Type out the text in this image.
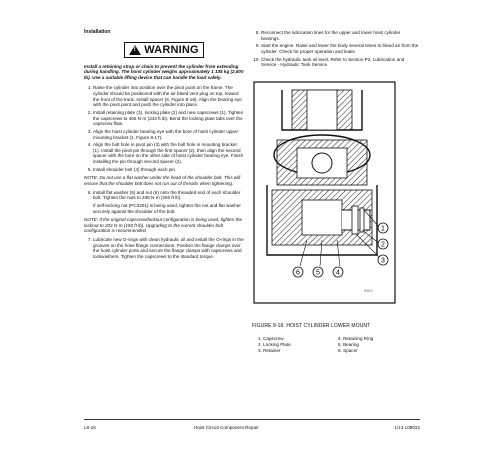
Installation
! WARNING
Install a retaining strap or chain to prevent the cylinder from extending during handling. The hoist cylinder weighs approximately 1 135 kg (2,500 lb). Use a suitable lifting device that can handle the load safely.
1. Raise the cylinder into position over the pivot point on the frame. The cylinder should be positioned with the air bleed vent plug on top, toward the front of the truck. Install spacer (6, Figure 8-18). Align the bearing eye with the pivot point and push the cylinder into place.
2. Install retaining plate (3), locking plate (2) and new capscrews (1). Tighten the capscrews to 465 N·m (343 ft lb). Bend the locking plate tabs over the capscrew flats.
3. Align the hoist cylinder bearing eye with the bore of hoist cylinder upper mounting bracket (1, Figure 8-17).
4. Align the bolt hole in pivot pin (3) with the bolt hole in mounting bracket (1). Install the pivot pin through the first spacer (2), then align the second spacer with the bore on the other side of hoist cylinder bearing eye. Finish installing the pin through second spacer (2).
5. Install shoulder bolt (4) through each pin.
NOTE: Do not use a flat washer under the head of the shoulder bolt. This will ensure that the shoulder bolt does not run out of threads when tightening.
6. Install flat washer (5) and nut (6) onto the threaded end of each shoulder bolt. Tighten the nuts to 339 N·m (250 ft lb).

If self-locking nut (PC3201) is being used, tighten the nut and flat washer securely against the shoulder of the bolt.

NOTE: If the original capscrew/lockout configuration is being used, tighten the locknut to 203 N·m (150 ft lb). Upgrading to the current shoulder bolt configuration is recommended.
7. Lubricate new O-rings with clean hydraulic oil and install the O-rings in the grooves on the hose flange connections. Position the flange clamps over the hoist cylinder ports and secure the flange clamps with capscrews and lockwashers. Tighten the capscrews to the standard torque.
8. Reconnect the lubrication lines for the upper and lower hoist cylinder bearings.
9. Start the engine. Raise and lower the body several times to bleed air from the cylinder. Check for proper operation and leaks.
10. Check the hydraulic tank oil level. Refer to Section P2, Lubrication and Service - Hydraulic Tank Service.
1
2
3
6 5 4
93XX
FIGURE 8-18. HOIST CYLINDER LOWER MOUNT
1. Capscrew	4. Retaining Ring
2. Locking Plate	5. Bearing
3. Retainer	6. Spacer
L8-16	Hoist Circuit Component Repair	1/13 L08032
